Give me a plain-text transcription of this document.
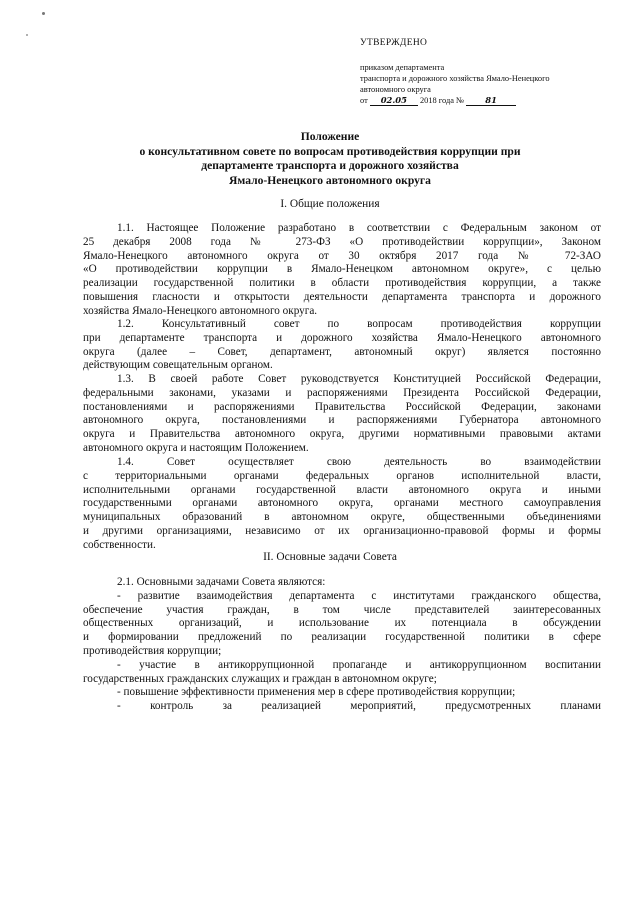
УТВЕРЖДЕНО
приказом департамента
транспорта и дорожного хозяйства Ямало-Ненецкого
автономного округа
от 02.05 2018 года №	81
Положение
о консультативном совете по вопросам противодействия коррупции при
департаменте транспорта и дорожного хозяйства
Ямало-Ненецкого автономного округа
I. Общие положения
1.1. Настоящее Положение разработано в соответствии с Федеральным законом от
25 декабря 2008 года № 273-ФЗ «О противодействии коррупции», Законом
Ямало-Ненецкого автономного округа от 30 октября 2017 года № 72-ЗАО
«О противодействии коррупции в Ямало-Ненецком автономном округе», с целью
реализации государственной политики в области противодействия коррупции, а также
повышения гласности и открытости деятельности департамента транспорта и дорожного
хозяйства Ямало-Ненецкого автономного округа.
1.2. Консультативный совет по вопросам противодействия коррупции
при департаменте транспорта и дорожного хозяйства Ямало-Ненецкого автономного
округа (далее – Совет, департамент, автономный округ) является постоянно
действующим совещательным органом.
1.3. В своей работе Совет руководствуется Конституцией Российской Федерации,
федеральными законами, указами и распоряжениями Президента Российской Федерации,
постановлениями и распоряжениями Правительства Российской Федерации, законами
автономного округа, постановлениями и распоряжениями Губернатора автономного
округа и Правительства автономного округа, другими нормативными правовыми актами
автономного округа и настоящим Положением.
1.4. Совет осуществляет свою деятельность во взаимодействии
с территориальными органами федеральных органов исполнительной власти,
исполнительными органами государственной власти автономного округа и иными
государственными органами автономного округа, органами местного самоуправления
муниципальных образований в автономном округе, общественными объединениями
и другими организациями, независимо от их организационно-правовой формы и формы
собственности.
II. Основные задачи Совета
2.1. Основными задачами Совета являются:
- развитие взаимодействия департамента с институтами гражданского общества,
обеспечение участия граждан, в том числе представителей заинтересованных
общественных организаций, и использование их потенциала в обсуждении
и формировании предложений по реализации государственной политики в сфере
противодействия коррупции;
- участие в антикоррупционной пропаганде и антикоррупционном воспитании
государственных гражданских служащих и граждан в автономном округе;
- повышение эффективности применения мер в сфере противодействия коррупции;
- контроль за реализацией мероприятий, предусмотренных планами
